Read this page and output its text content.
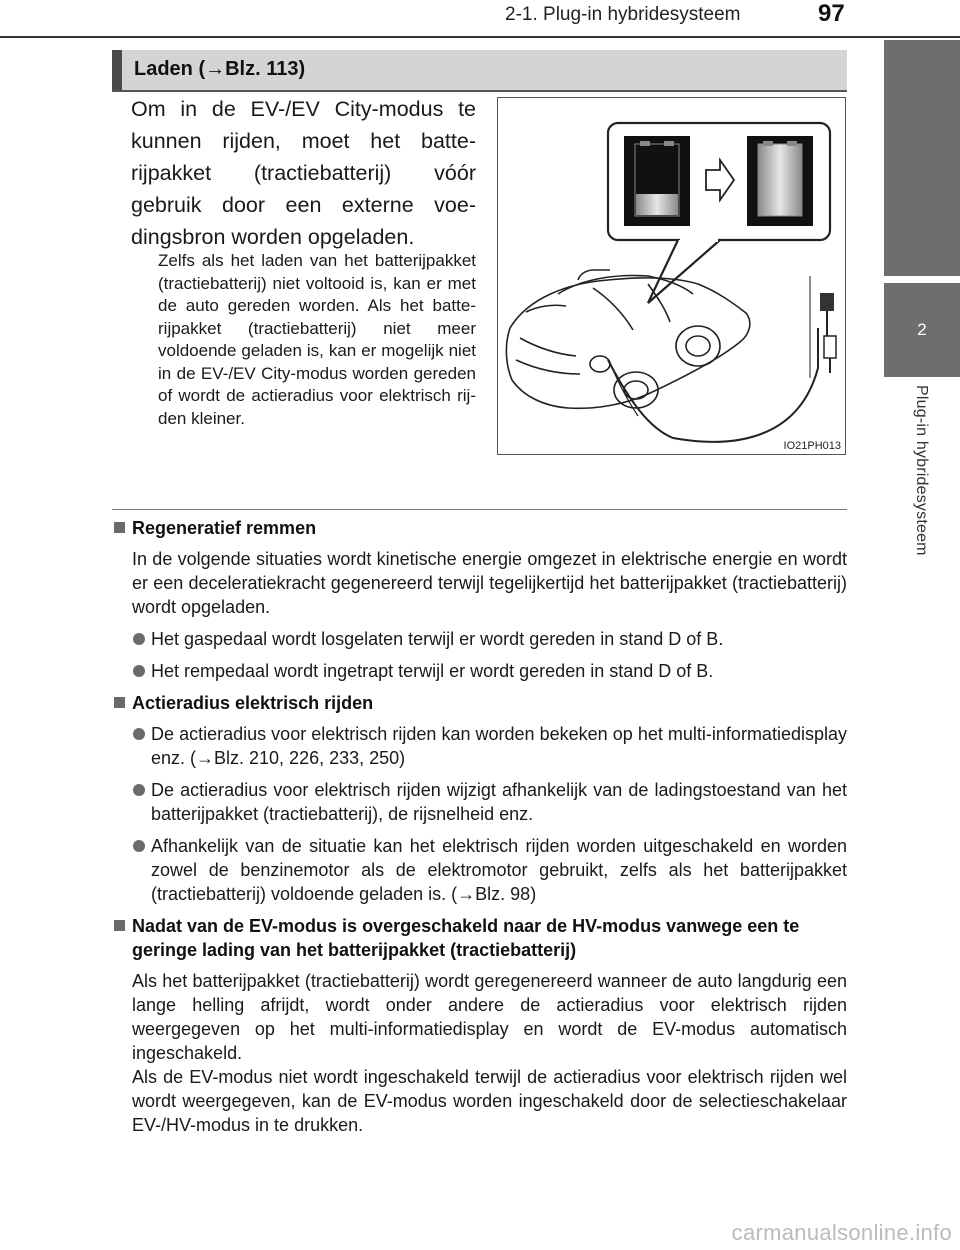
2-1. Plug-in hybridesysteem	97
2
Plug-in hybridesysteem
Laden (→Blz. 113)
Om in de EV-/EV City-modus te kunnen rijden, moet het batterijpakket (tractiebatterij) vóór gebruik door een externe voedingsbron worden opgeladen.
Zelfs als het laden van het batterijpakket (tractiebatterij) niet voltooid is, kan er met de auto gereden worden. Als het batterijpakket (tractiebatterij) niet meer voldoende geladen is, kan er mogelijk niet in de EV-/EV City-modus worden gereden of wordt de actieradius voor elektrisch rijden kleiner.
IO21PH013
Regeneratief remmen
In de volgende situaties wordt kinetische energie omgezet in elektrische energie en wordt er een deceleratiekracht gegenereerd terwijl tegelijkertijd het batterijpakket (tractiebatterij) wordt opgeladen.
Het gaspedaal wordt losgelaten terwijl er wordt gereden in stand D of B.
Het rempedaal wordt ingetrapt terwijl er wordt gereden in stand D of B.
Actieradius elektrisch rijden
De actieradius voor elektrisch rijden kan worden bekeken op het multi-informatiedisplay enz. (→Blz. 210, 226, 233, 250)
De actieradius voor elektrisch rijden wijzigt afhankelijk van de ladingstoestand van het batterijpakket (tractiebatterij), de rijsnelheid enz.
Afhankelijk van de situatie kan het elektrisch rijden worden uitgeschakeld en worden zowel de benzinemotor als de elektromotor gebruikt, zelfs als het batterijpakket (tractiebatterij) voldoende geladen is. (→Blz. 98)
Nadat van de EV-modus is overgeschakeld naar de HV-modus vanwege een te geringe lading van het batterijpakket (tractiebatterij)
Als het batterijpakket (tractiebatterij) wordt geregenereerd wanneer de auto langdurig een lange helling afrijdt, wordt onder andere de actieradius voor elektrisch rijden weergegeven op het multi-informatiedisplay en wordt de EV-modus automatisch ingeschakeld.
Als de EV-modus niet wordt ingeschakeld terwijl de actieradius voor elektrisch rijden wel wordt weergegeven, kan de EV-modus worden ingeschakeld door de selectieschakelaar EV-/HV-modus in te drukken.
carmanualsonline.info
